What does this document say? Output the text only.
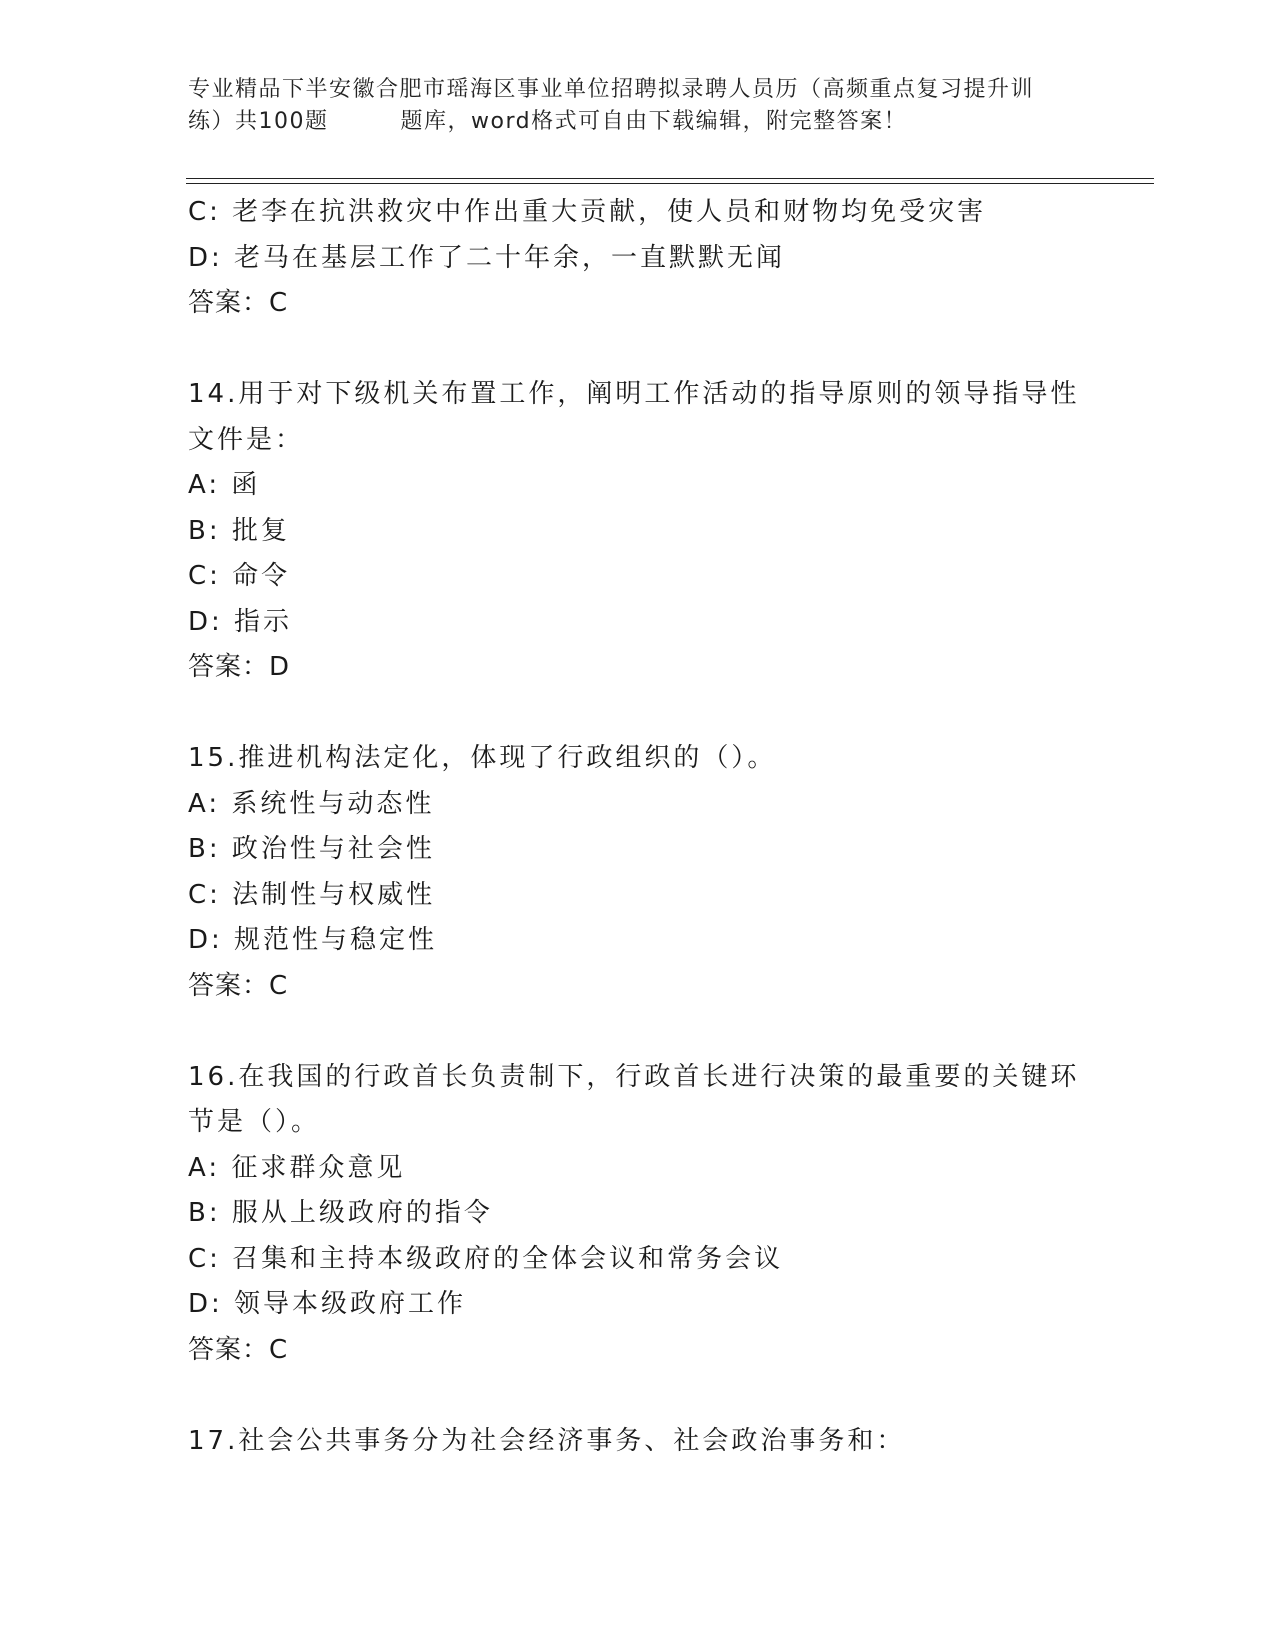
专业精品下半安徽合肥市瑶海区事业单位招聘拟录聘人员历（高频重点复习提升训
练）共100题	题库，word格式可自由下载编辑，附完整答案！
C: 老李在抗洪救灾中作出重大贡献，使人员和财物均免受灾害
D: 老马在基层工作了二十年余，一直默默无闻
答案：C
14.用于对下级机关布置工作，阐明工作活动的指导原则的领导指导性
文件是：
A: 函
B: 批复
C: 命令
D: 指示
答案：D
15.推进机构法定化，体现了行政组织的（）。
A: 系统性与动态性
B: 政治性与社会性
C: 法制性与权威性
D: 规范性与稳定性
答案：C
16.在我国的行政首长负责制下，行政首长进行决策的最重要的关键环
节是（）。
A: 征求群众意见
B: 服从上级政府的指令
C: 召集和主持本级政府的全体会议和常务会议
D: 领导本级政府工作
答案：C
17.社会公共事务分为社会经济事务、社会政治事务和：
